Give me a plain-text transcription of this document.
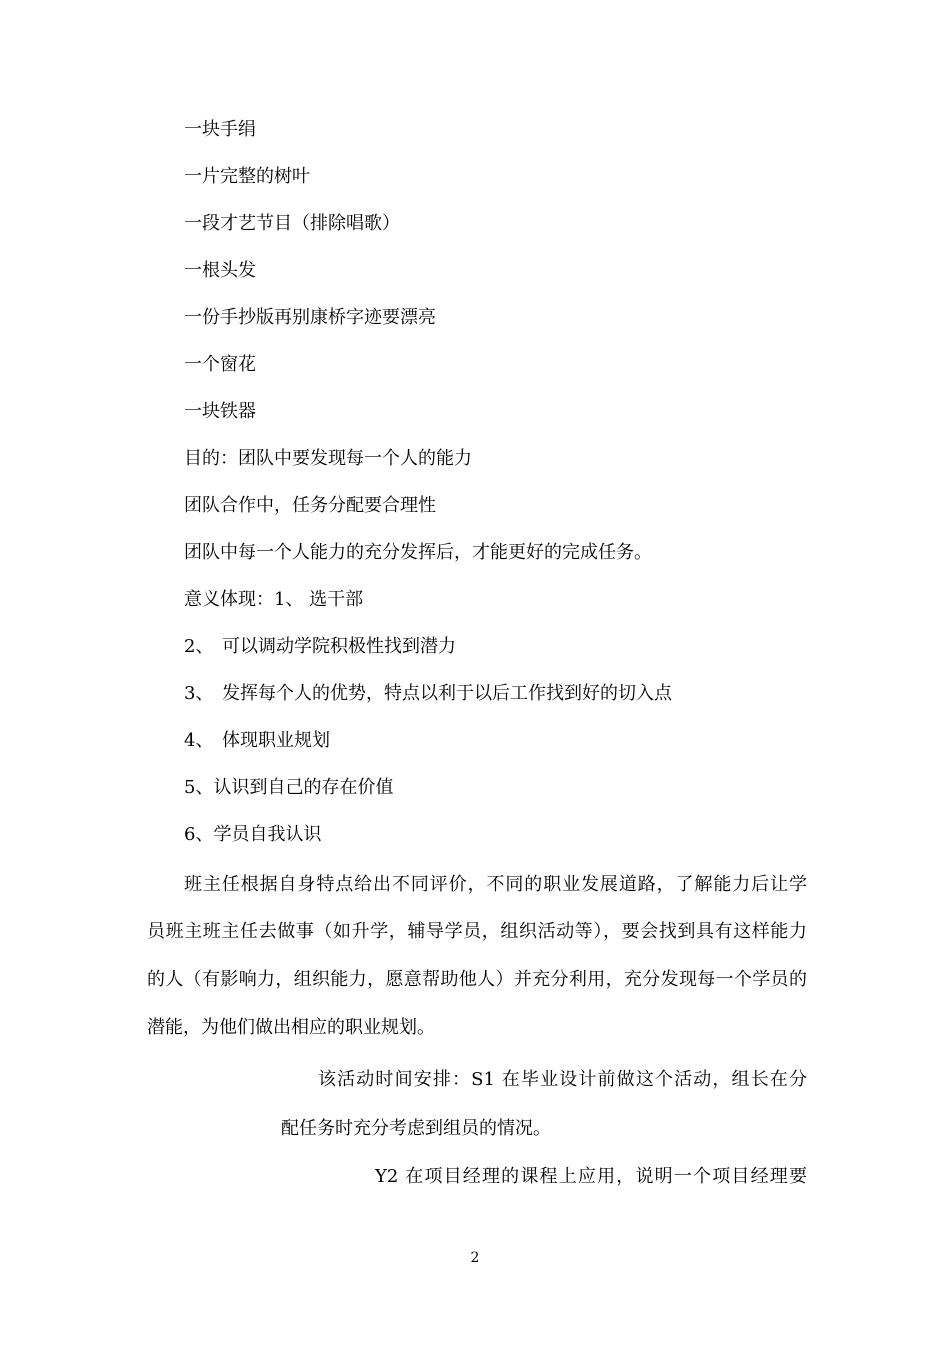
一块手绢
一片完整的树叶
一段才艺节目（排除唱歌）
一根头发
一份手抄版再别康桥字迹要漂亮
一个窗花
一块铁器
目的：团队中要发现每一个人的能力
团队合作中，任务分配要合理性
团队中每一个人能力的充分发挥后，才能更好的完成任务。
意义体现：1、 选干部
2、 可以调动学院积极性找到潜力
3、 发挥每个人的优势，特点以利于以后工作找到好的切入点
4、 体现职业规划
5、认识到自己的存在价值
6、学员自我认识
班主任根据自身特点给出不同评价，不同的职业发展道路，了解能力后让学
员班主班主任去做事（如升学，辅导学员，组织活动等），要会找到具有这样能力
的人（有影响力，组织能力，愿意帮助他人）并充分利用，充分发现每一个学员的
潜能，为他们做出相应的职业规划。
该活动时间安排：S1 在毕业设计前做这个活动，组长在分
配任务时充分考虑到组员的情况。
Y2 在项目经理的课程上应用，说明一个项目经理要
2
